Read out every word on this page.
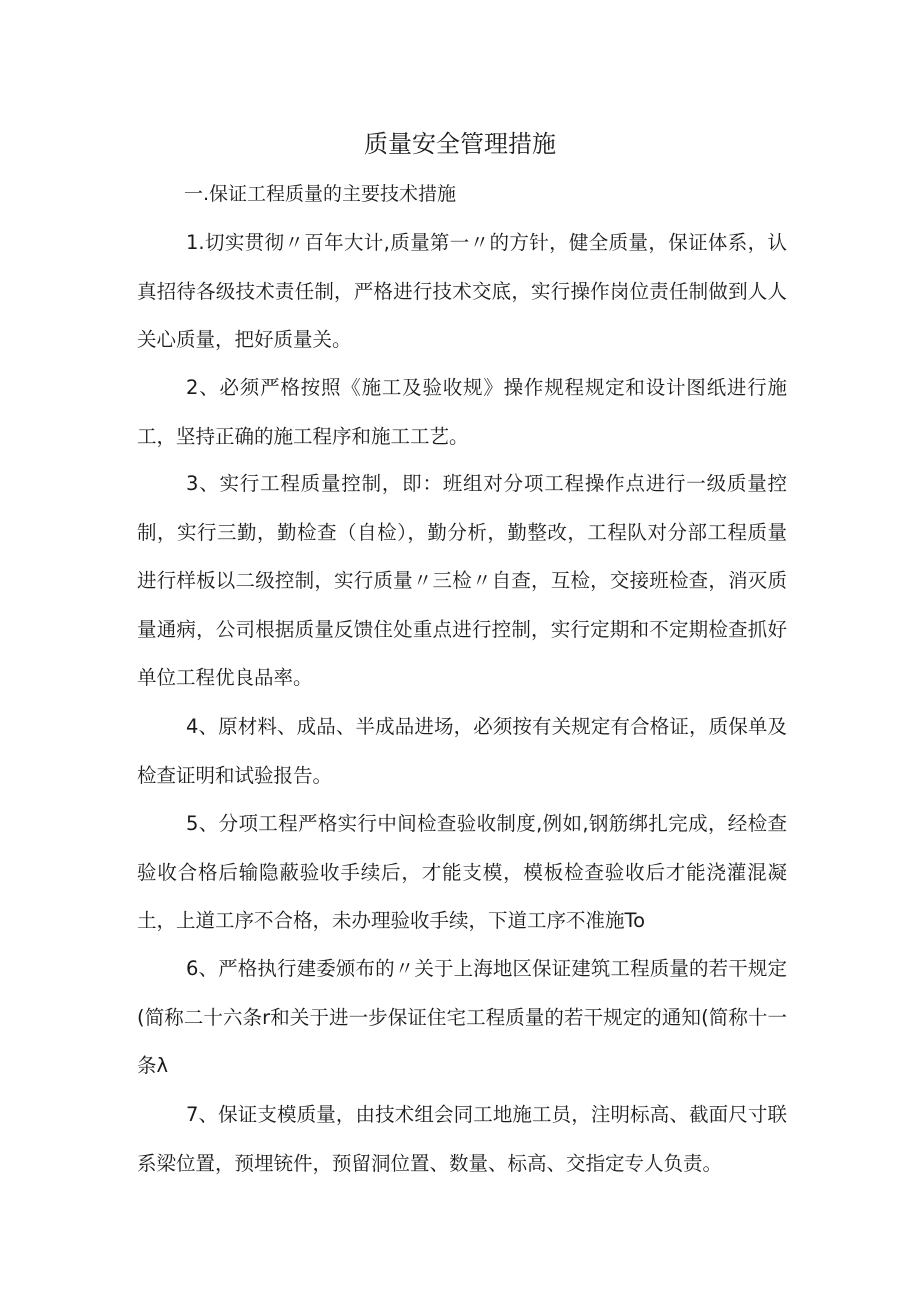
质量安全管理措施
一.保证工程质量的主要技术措施

1.切实贯彻〃百年大计,质量第一〃的方针，健全质量，保证体系，认真招待各级技术责任制，严格进行技术交底，实行操作岗位责任制做到人人关心质量，把好质量关。

2、必须严格按照《施工及验收规》操作规程规定和设计图纸进行施工，坚持正确的施工程序和施工工艺。

3、实行工程质量控制，即：班组对分项工程操作点进行一级质量控制，实行三勤，勤检查（自检），勤分析，勤整改，工程队对分部工程质量进行样板以二级控制，实行质量〃三检〃自查，互检，交接班检查，消灭质量通病，公司根据质量反馈住处重点进行控制，实行定期和不定期检查抓好单位工程优良品率。

4、原材料、成品、半成品进场，必须按有关规定有合格证，质保单及检查证明和试验报告。

5、分项工程严格实行中间检查验收制度,例如,钢筋绑扎完成，经检查验收合格后输隐蔽验收手续后，才能支模，模板检查验收后才能浇灌混凝土，上道工序不合格，未办理验收手续，下道工序不准施To

6、严格执行建委颁布的〃关于上海地区保证建筑工程质量的若干规定(简称二十六条r和关于进一步保证住宅工程质量的若干规定的通知(简称十一条λ

7、保证支模质量，由技术组会同工地施工员，注明标高、截面尺寸联系梁位置，预埋铳件，预留洞位置、数量、标高、交指定专人负责。
